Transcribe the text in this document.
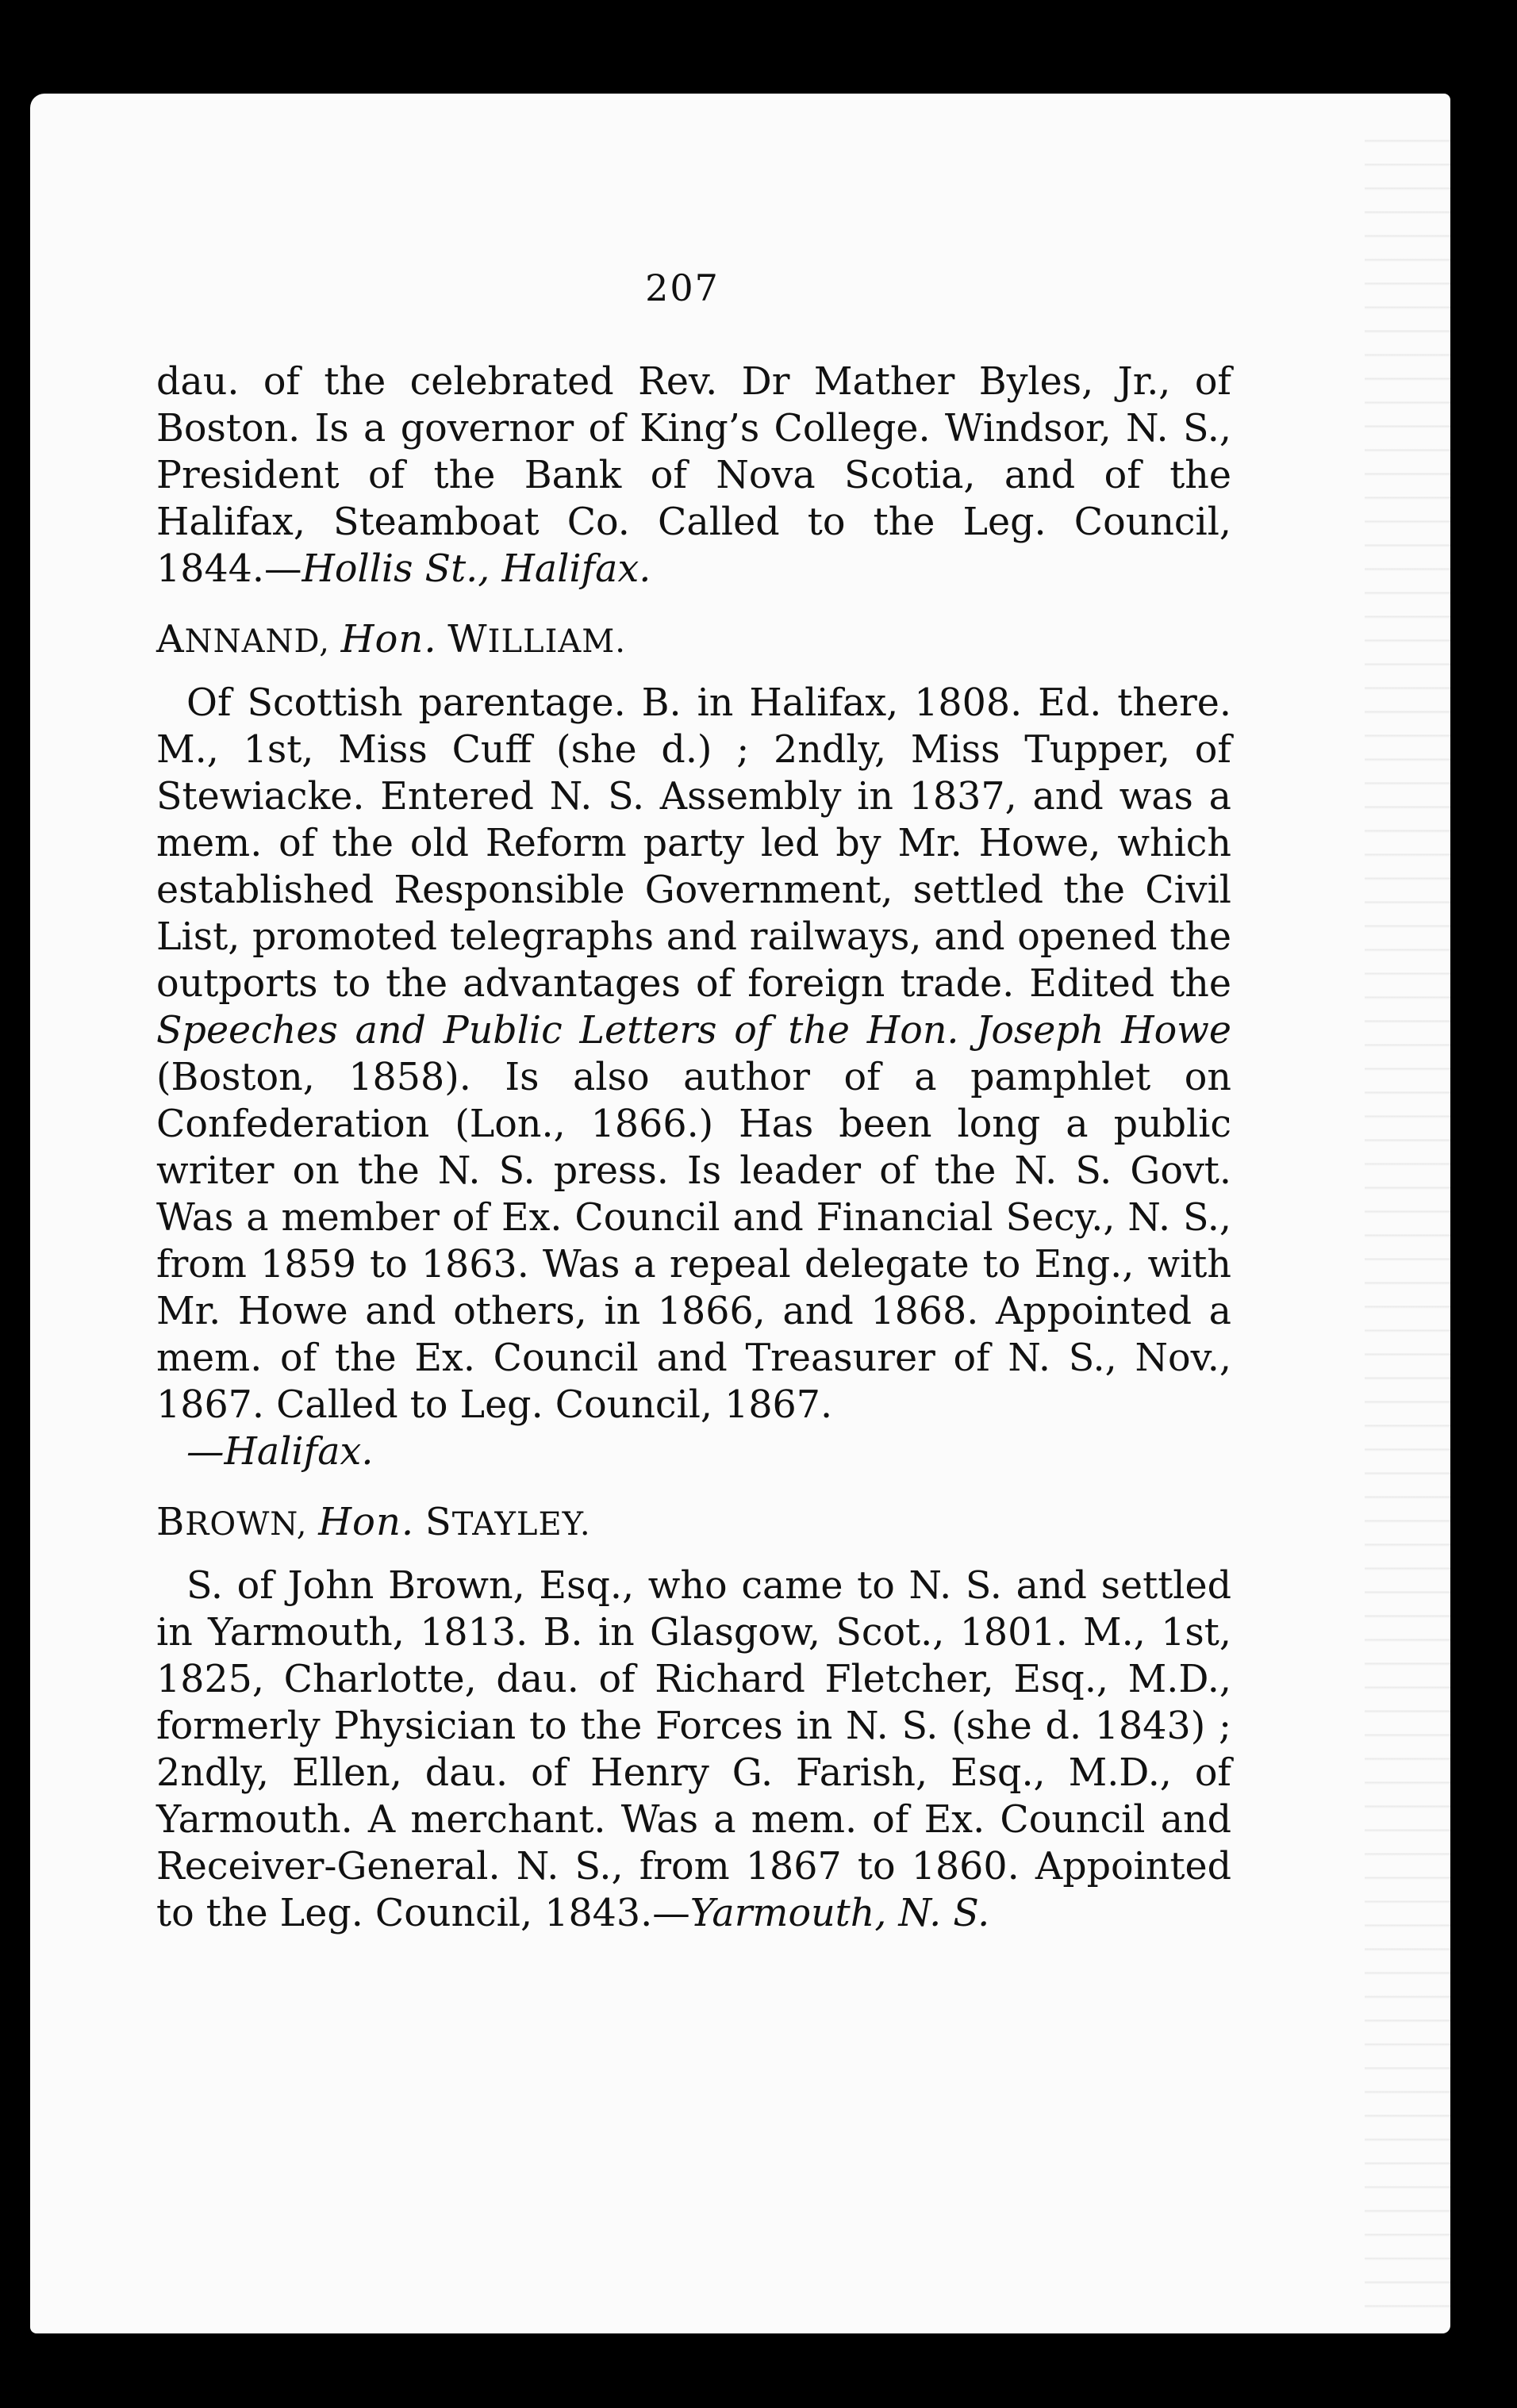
207

dau. of the celebrated Rev. Dr Mather Byles, Jr., of Boston. Is a governor of King’s College. Windsor, N. S., President of the Bank of Nova Scotia, and of the Halifax, Steamboat Co. Called to the Leg. Council, 1844.—Hollis St., Halifax.

ANNAND, Hon. WILLIAM.

Of Scottish parentage. B. in Halifax, 1808. Ed. there. M., 1st, Miss Cuff (she d.) ; 2ndly, Miss Tupper, of Stewiacke. Entered N. S. Assembly in 1837, and was a mem. of the old Reform party led by Mr. Howe, which established Responsible Government, settled the Civil List, promoted telegraphs and railways, and opened the outports to the advantages of foreign trade. Edited the Speeches and Public Letters of the Hon. Joseph Howe (Boston, 1858). Is also author of a pamphlet on Confederation (Lon., 1866.) Has been long a public writer on the N. S. press. Is leader of the N. S. Govt. Was a member of Ex. Council and Financial Secy., N. S., from 1859 to 1863. Was a repeal delegate to Eng., with Mr. Howe and others, in 1866, and 1868. Appointed a mem. of the Ex. Council and Treasurer of N. S., Nov., 1867. Called to Leg. Council, 1867.
—Halifax.

BROWN, Hon. STAYLEY.

S. of John Brown, Esq., who came to N. S. and settled in Yarmouth, 1813. B. in Glasgow, Scot., 1801. M., 1st, 1825, Charlotte, dau. of Richard Fletcher, Esq., M.D., formerly Physician to the Forces in N. S. (she d. 1843) ; 2ndly, Ellen, dau. of Henry G. Farish, Esq., M.D., of Yarmouth. A merchant. Was a mem. of Ex. Council and Receiver-General. N. S., from 1867 to 1860. Appointed to the Leg. Council, 1843.—Yarmouth, N. S.
